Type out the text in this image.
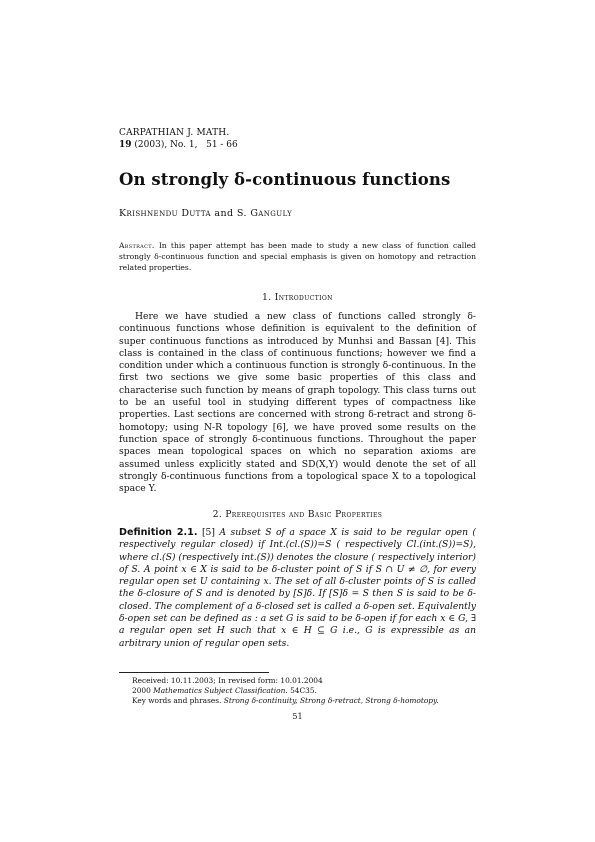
CARPATHIAN J. MATH.
19 (2003), No. 1, 51 - 66
On strongly δ-continuous functions
Krishnendu Dutta and S. Ganguly
Abstract. In this paper attempt has been made to study a new class of function called strongly δ-continuous function and special emphasis is given on homotopy and retraction related properties.
1. Introduction
Here we have studied a new class of functions called strongly δ-continuous functions whose definition is equivalent to the definition of super continuous functions as introduced by Munhsi and Bassan [4]. This class is contained in the class of continuous functions; however we find a condition under which a continuous function is strongly δ-continuous. In the first two sections we give some basic properties of this class and characterise such function by means of graph topology. This class turns out to be an useful tool in studying different types of compactness like properties. Last sections are concerned with strong δ-retract and strong δ-homotopy; using N-R topology [6], we have proved some results on the function space of strongly δ-continuous functions. Throughout the paper spaces mean topological spaces on which no separation axioms are assumed unless explicitly stated and SD(X,Y) would denote the set of all strongly δ-continuous functions from a topological space X to a topological space Y.
2. Prerequisites and Basic Properties
Definition 2.1. [5] A subset S of a space X is said to be regular open ( respectively regular closed) if Int.(cl.(S))=S ( respectively Cl.(int.(S))=S), where cl.(S) (respectively int.(S)) denotes the closure ( respectively interior) of S. A point x ∈ X is said to be δ-cluster point of S if S ∩ U ≠ ∅, for every regular open set U containing x. The set of all δ-cluster points of S is called the δ-closure of S and is denoted by [S]δ. If [S]δ = S then S is said to be δ-closed. The complement of a δ-closed set is called a δ-open set. Equivalently δ-open set can be defined as : a set G is said to be δ-open if for each x ∈ G, ∃ a regular open set H such that x ∈ H ⊆ G i.e., G is expressible as an arbitrary union of regular open sets.
Received: 10.11.2003; In revised form: 10.01.2004
2000 Mathematics Subject Classification. 54C35.
Key words and phrases. Strong δ-continuity, Strong δ-retract, Strong δ-homotopy.
51
